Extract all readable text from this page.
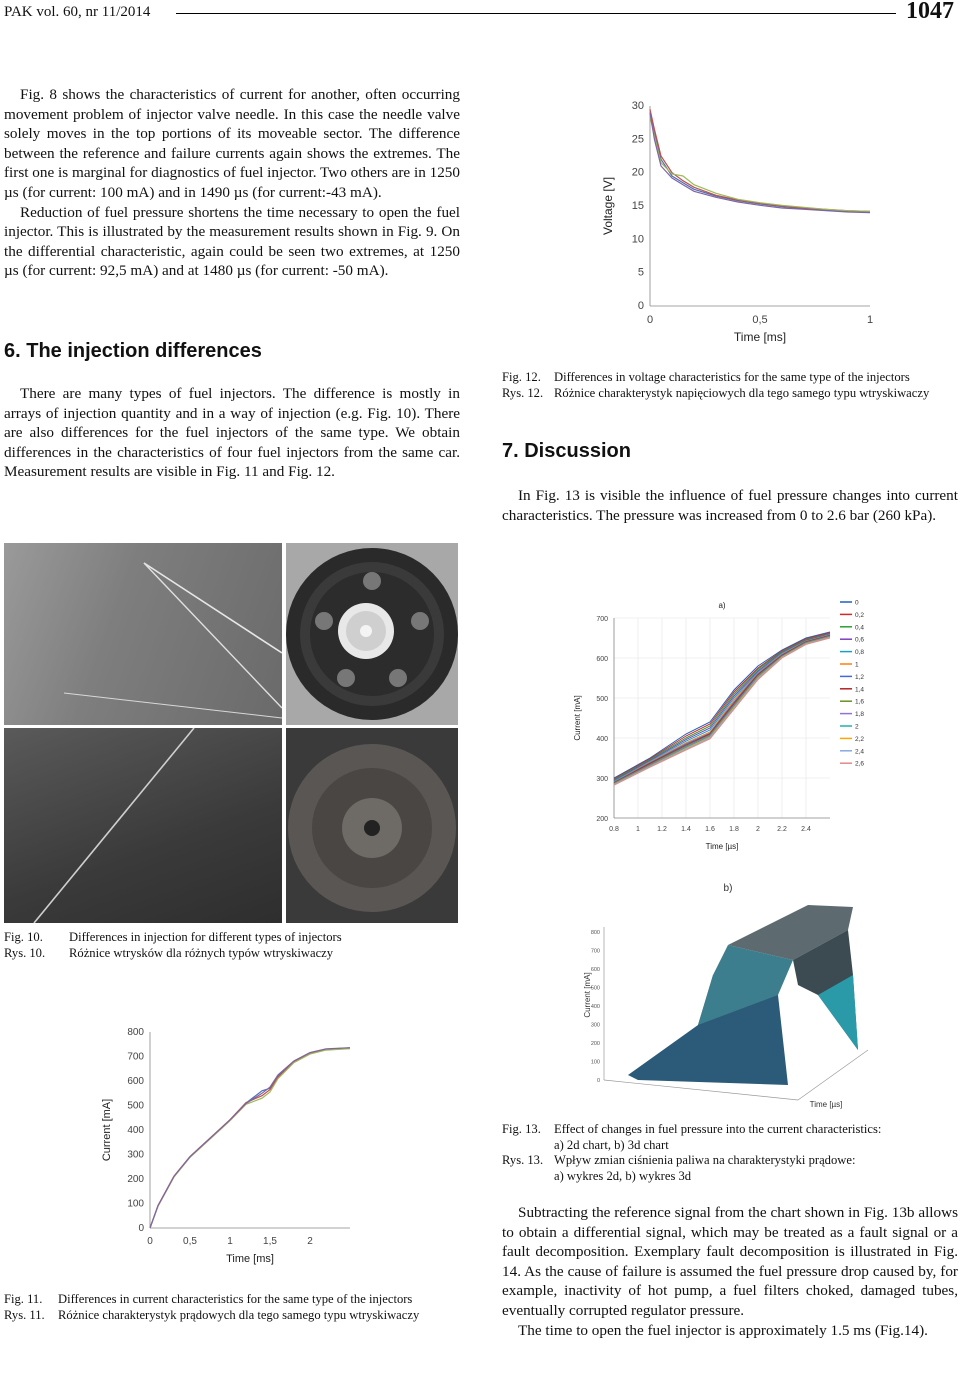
PAK vol. 60, nr 11/2014	1047

Fig. 8 shows the characteristics of current for another, often occurring movement problem of injector valve needle. In this case the needle valve solely moves in the top portions of its moveable sector. The difference between the reference and failure currents again shows the extremes. The first one is marginal for diagnostics of fuel injector. Two others are in 1250 µs (for current: 100 mA) and in 1490 µs (for current:-43 mA).

Reduction of fuel pressure shortens the time necessary to open the fuel injector. This is illustrated by the measurement results shown in Fig. 9. On the differential characteristic, again could be seen two extremes, at 1250 µs (for current: 92,5 mA) and at 1480 µs (for current: -50 mA).

6. The injection differences

There are many types of fuel injectors. The difference is mostly in arrays of injection quantity and in a way of injection (e.g. Fig. 10). There are also differences for the fuel injectors of the same type. We obtain differences in the characteristics of four fuel injectors from the same car. Measurement results are visible in Fig. 11 and Fig. 12.

0
5
10
15
20
25
30
0	0,5	1
Time [ms]
Voltage [V]
Fig. 12.	Differences in voltage characteristics for the same type of the injectors
Rys. 12.	Różnice charakterystyk napięciowych dla tego samego typu wtryskiwaczy
7. Discussion

In Fig. 13 is visible the influence of fuel pressure changes into current characteristics. The pressure was increased from 0 to 2.6 bar (260 kPa).

Fig. 10.	Differences in injection for different types of injectors
Rys. 10.	Różnice wtrysków dla różnych typów wtryskiwaczy
0
100
200
300
400
500
600
700
800
0	0,5	1	1,5	2
Time [ms]
Current [mA]
Fig. 11.	Differences in current characteristics for the same type of the injectors
Rys. 11.	Różnice charakterystyk prądowych dla tego samego typu wtryskiwaczy
200
300
400
500
600
700
0.8 1 1.2 1.4 1.6 1.8 2 2.2 2.4
Time [µs]
Current [mA]
a)	0
0,2
0,4
0,6
0,8
1
1,2
1,4
1,6
1,8
2
2,2
2,4
2,6
b)
0
100
200
300
400
500
600
700
800
Current [mA]
Time [µs]
Fig. 13.	Effect of changes in fuel pressure into the current characteristics:
	a) 2d chart, b) 3d chart
Rys. 13.	Wpływ zmian ciśnienia paliwa na charakterystyki prądowe:
	a) wykres 2d, b) wykres 3d

Subtracting the reference signal from the chart shown in Fig. 13b allows to obtain a differential signal, which may be treated as a fault signal or a fault decomposition. Exemplary fault decomposition is illustrated in Fig. 14. As the cause of failure is assumed the fuel pressure drop caused by, for example, inactivity of hot pump, a fuel filters choked, damaged tubes, eventually corrupted regulator pressure.

The time to open the fuel injector is approximately 1.5 ms (Fig.14).
